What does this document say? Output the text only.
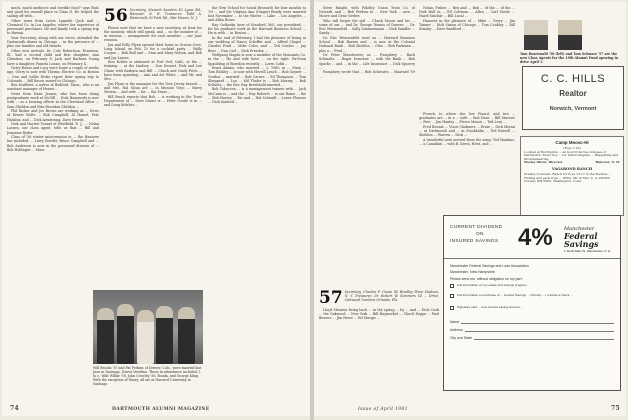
much, much mediocre and terrible food!" says Bud, and good for oneself place in Class II. He helped the sailing off with...

Other news from Lewis Lagarde (Jack and ... Chemical Co. in Los Angeles, where her supervisor of personnel purchases. He and family took a spring trip to Hawaii.

Your Secretary, along with our wives, attended the Dartmouth dinner in Chicago ... in the presence of ... plus our families and old friends.

Other new arrivals: Dr. Cole Robertson, Evanston, Ill., had a second child and first daughter, Ann Christine, on February 8. Jack and Barbara Young have a daughter, Pamela Louise, on February 4.

Gerry Rouse and Lucy were home a couple of weeks ago: Gerry is now with Thermo Electric Co. in Boston ... Don and Sallie Hicks report their spring trip to Colorado ... Bill Bacon moved to Chicago.

Ben Hurlbert, a native of Bedford, Mass., who is an assistant manager of Hearst ...

News from Hans Jensen, who has been doing postgraduate work at McGill ... Nick Hammerly is now with ... as a hearing officer in the Cleveland office ... Sam Sheldon and Rita Sheridan Sheldon ...

Phil Ricker and Joe Brown are working as ... News of Ernest Wolfe ... Bob Campbell, Al Hamel, Pete Haskins, and ... Dick Armstrong, Dave Hewitt.

Dick and Harriet Tennet of Westfield, N. J., ... Nolan Lassen, our class agent, tells us that ... Bill and Jeannine Ryder.

Class of '56 winter mini-reunion in ... the Hanover Inn included ... Larry Roeder, Bruce Campbell and ... Bob Anderson is now in the personnel division of ... Bob Hollinger ... Mass.

56 Secretary, Stewart Sanders 45 Lyme Rd., Hanover, N. H. Treasurer, Todd A. Westervelt 30 Pork Rd., Fair Haven, N. J.

Please note that we have a new secretary, at least for the moment, which will speak, and ... on the number of ... in reunion ... arrangement for each member ... our June reunion.

Jim and Polly Flynn opened their home in Greens Cove, Long Island, on Feb. 25 for a cocktail party ... Wally Cooper ... Bob Bull and ... Stan and Mary Nelsen, and Bob and Jay Lasses.

Ron Kohler is stationed at Fort Ord, Calif., at the ... training ... at the Lindsey ... Don Dunnet, Dick and Lee Chase with Barbara and Bill ... Chuck and Cindy Fitch ... have been spending ... Ann and Art White ... and Mr. and Mrs. ...

Jim Flynn is the manager for the New Jersey branch ... and Mrs. Hal Sloan are ... in Mission Viejo ... Harry Weston ... and wife ... for ... the Sears ...

Bill Brock reports that Bob ... is working in the Trust Department of ... Dave Stuart is ... Peter Goode is in ... and Doug Keleher ...

Will Brooks '57 and Pat Perkins of Denver, Colo., were married last June in Santiago, Nueva Verrilino. Those in attendance included, l. to r.: Walt Wilkie '58, John Crowley '56, Rouda, and George Kling. With the exception of Warry, all are at Harvard University in Santiago.

the New School for Social Research for four months to '59 ... and Mr. Virginia Ann (Ginger) Bundy were married last November ... at the Winter ... Lake ... Los Angeles ... and Allan Roses.

Ray Cutkosky (now of Stanford, Md., our president) ... for his graduate work at the Harvard Business School ... He is with ... in Boston ...

In the end of February, I had the pleasure of being at our wedding of Nancy Scheffer and ... Alfred Chapel ... Charles Pond ... Mike Coles, and ... Ted Cowles ... Jay Buss ... Dan Carl ... Dick Pressley ...

Wolfgang Magda is now a member of the Monsanto Co. in the ... He and wife have ... on the right. Ex-Dean Spaulding of Bowdoin recently ... Loren Cobb ...

Ernst Adams, who married ... 2, 1960, in ... Mary ... Tom Bickley ... is now with Merrill Lynch ... Bob Gayner ... Gordon ... married ... Bob Carnes ... Ed Thompson ... Tom Sheppard ... Lou ... Mil Thaler is ... Bob Murray ... Bob Schmitz ... the Rev. Ray Bredehold married ...

Bob Tobaccon ... is a management trainee with ... Jack McCann is ... and the ... Ray Roberts ... is our Rome ... the ... Bob Harvey ... Ric and ... Hal Schmidt ... Loren Flowers ... Dick Sanford ...

74	DARTMOUTH ALUMNI MAGAZINE

Steve Haight, with Fidelity Union Trust Co. of Newark, and ... Bob Perkins in ... New York ... new ... Moore and Gene Gerber.

Who will forget the girl ... Chuck Moses and his ... some of our ... and Dr. George Dennis of Denver, ... Dr. Eric Weissenfeld ... Sally Zimmermann ... Dick Sandler ... Sandy ...

Dr. Eric Weissenfeld went on ... Harvard Business School ... Bob Barnes and ... is now at the Colonial National Bank ... Bob Sheldon ... Ohio ... Bob Parkman ... plus a ... Fred ...

Dr. Peter Manchester, as ... Pumphrey ... Buck Schmaltz ... Roger Donohue ... with the Bank ... Bob Sparks ... and ... in the ... Life Insurance ... Dick Spoerry ...

Pumphrey wrote that ... Bob Schwartz ... Haavard '59 ...

Nolan, Fisher, ... Ben and ... Bob ... of the ... of the ... Dick Hull in ... Ed Coleman ... Allen ... Carl Steele ... Hazel Sinclair ... Bill Lucal ...

Hanover in the pleasure of ... Mike ... Gerry ... Jim Tanner ... Dick Simon of Chicago ... Tom Cookley ... Bill Stanley ... Dave Bradford ...

57 Secretary, Charles F. Gosse 40 Bradley Place Hudson, N. Y. Treasurer, Dr. Robert W. Sommers 14 ... Drive, Oakwood Gardens Orlando, Fla.

Lloyd Shearon being back ... in the spring ... by ... and ... Dick Cook ... the Oakwood ... New York ... Bill Haymarket ... Chuck Deppe ... Paul Bowers ... Jim Howe ... Ed Sturgis ...

Tom Rosenwald '58 (left) and Tom Schwarz '57 are the new Class Agents for the 19th Alumni Fund opening in drive April 1.
C. C. HILLS
Realtor
Norwich, Vermont
Camp Moosc-Hi
(Boys 7-16)
Located at Borrington ... an hour from the Colleges of Dartmouth. Every boy ... for Intercollegiate ... Rappelling and Mountaineering.
Wesley Oliver, Director	Hanover, N. H.
VAGABOND RANCH
Granby, Colorado. Ranch for boys 13-17 in the Rockies ... Fishing and pack trips ... Write: Mr. & Mrs. C. A. PAYNE, Norway Hill Farm, Washington, Conn.

French, is, where she, her Fiancé, and two ... graduates are ... in a ... with ... Bob Haar ... Bill Marrow ... Pete ... Jim Hanley ... Pierce Mason ... Ted Levy ...

Fred Rennie ... Vince Chalmers ... Ernie ... Dick Moran ... at Dartmouth and ... in Stockholm ... Ted Russell ... Sheldon ... Warren ... Dick ...

A wonderful note arrived from the army, Ted Hankins, ... a Canadian ... with B. Kress, Hirst, and ...

CURRENT DIVIDEND
ON
INSURED SAVINGS 4% Manchester
Federal Savings
1 South Main St. Manchester, N. H.
Manchester Federal Savings and Loan Association
Manchester, New Hampshire
Please send me, without obligation on my part:
Full information on my estate and savings program ...
Full information on purchase of ... Insured Savings ... (Check) ... I enclose a check ...
Signature card ... new insured saving account ...
Name
Address
City and State
Issue of April 1961	75
